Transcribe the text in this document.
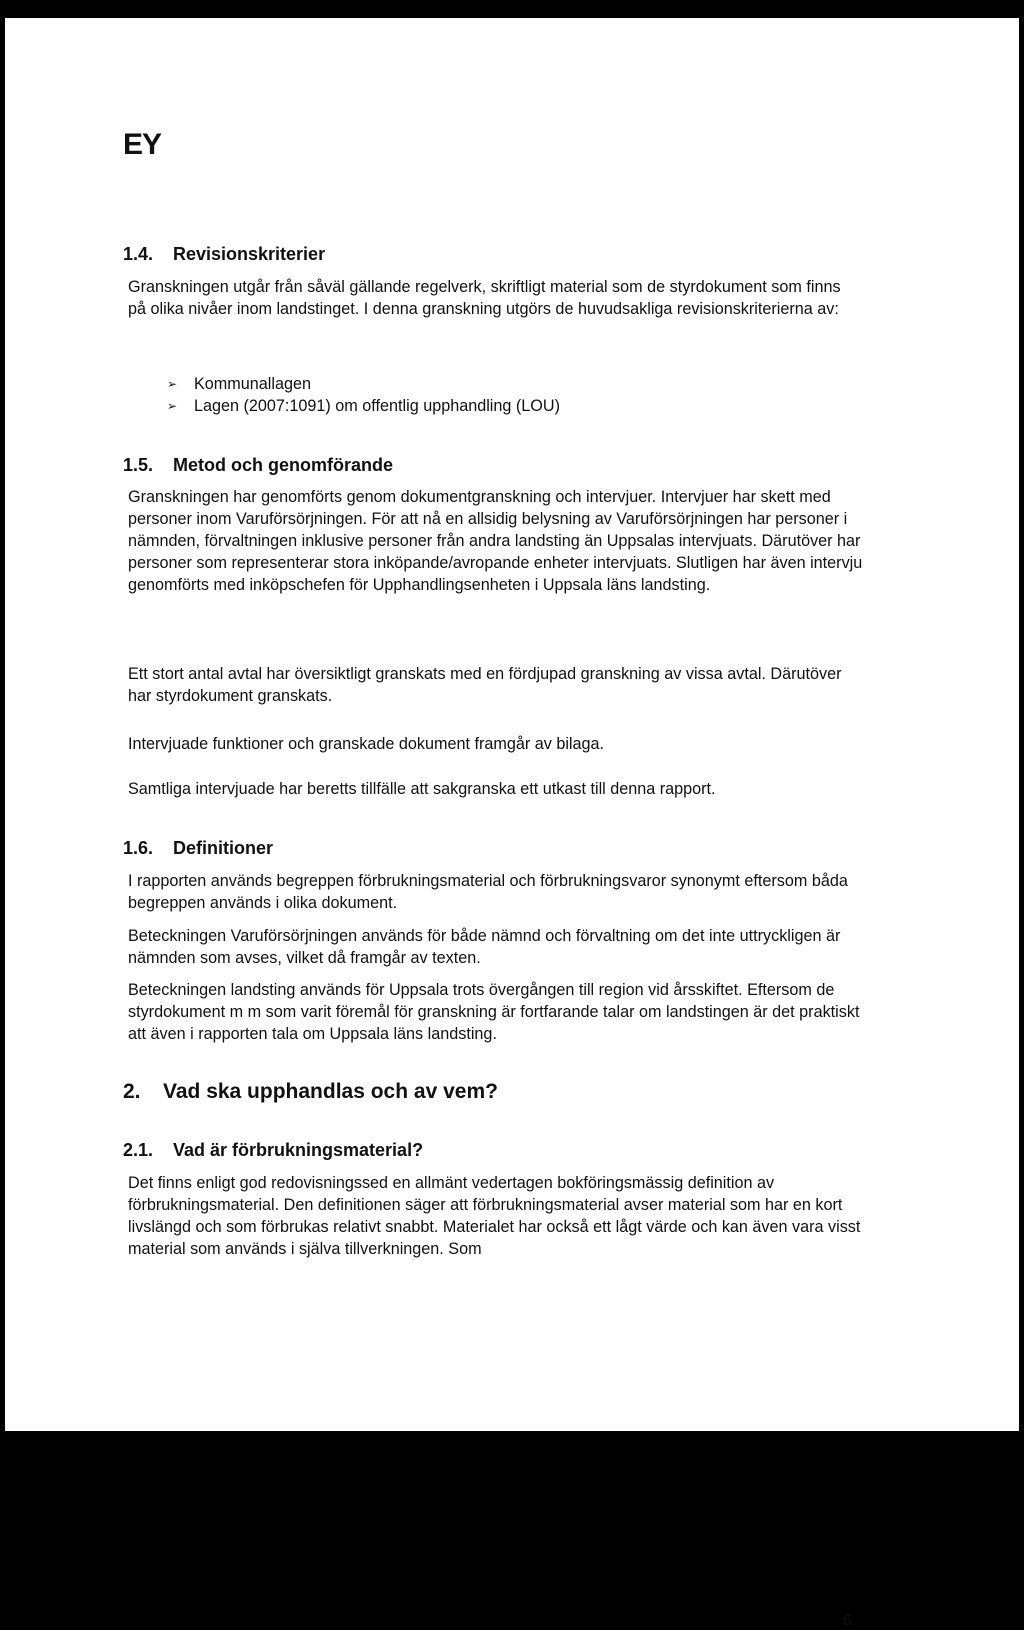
EY
1.4. Revisionskriterier

Granskningen utgår från såväl gällande regelverk, skriftligt material som de styrdokument som finns på olika nivåer inom landstinget. I denna granskning utgörs de huvudsakliga revisionskriterierna av:

➢	Kommunallagen
➢	Lagen (2007:1091) om offentlig upphandling (LOU)
1.5. Metod och genomförande

Granskningen har genomförts genom dokumentgranskning och intervjuer. Intervjuer har skett med personer inom Varuförsörjningen. För att nå en allsidig belysning av Varuförsörjningen har personer i nämnden, förvaltningen inklusive personer från andra landsting än Uppsalas intervjuats. Därutöver har personer som representerar stora inköpande/avropande enheter intervjuats. Slutligen har även intervju genomförts med inköpschefen för Upphandlingsenheten i Uppsala läns landsting.

Ett stort antal avtal har översiktligt granskats med en fördjupad granskning av vissa avtal. Därutöver har styrdokument granskats.

Intervjuade funktioner och granskade dokument framgår av bilaga.

Samtliga intervjuade har beretts tillfälle att sakgranska ett utkast till denna rapport.

1.6. Definitioner

I rapporten används begreppen förbrukningsmaterial och förbrukningsvaror synonymt eftersom båda begreppen används i olika dokument.

Beteckningen Varuförsörjningen används för både nämnd och förvaltning om det inte uttryckligen är nämnden som avses, vilket då framgår av texten.

Beteckningen landsting används för Uppsala trots övergången till region vid årsskiftet. Eftersom de styrdokument m m som varit föremål för granskning är fortfarande talar om landstingen är det praktiskt att även i rapporten tala om Uppsala läns landsting.

2. Vad ska upphandlas och av vem?
2.1. Vad är förbrukningsmaterial?

Det finns enligt god redovisningssed en allmänt vedertagen bokföringsmässig definition av förbrukningsmaterial. Den definitionen säger att förbrukningsmaterial avser material som har en kort livslängd och som förbrukas relativt snabbt. Materialet har också ett lågt värde och kan även vara visst material som används i själva tillverkningen. Som

6
